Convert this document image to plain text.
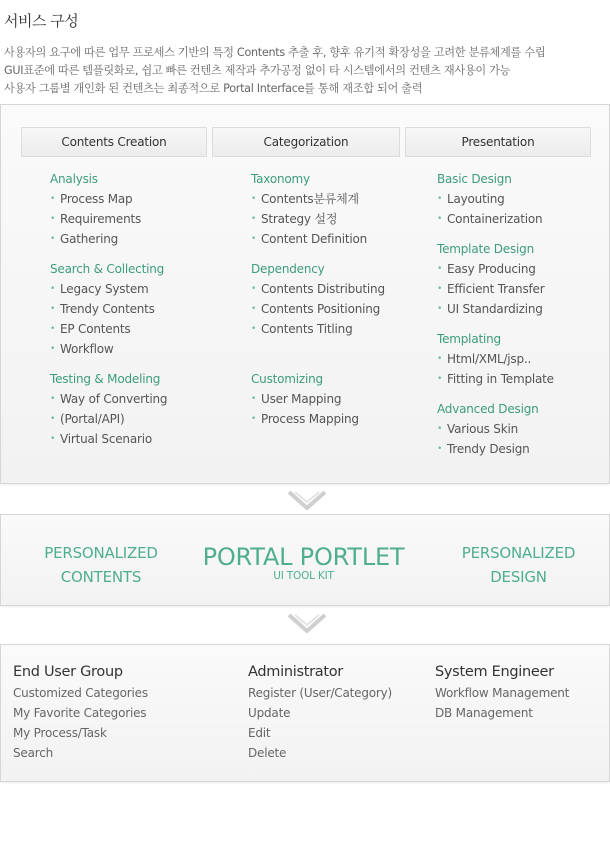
서비스 구성
사용자의 요구에 따른 업무 프로세스 기반의 특정 Contents 추출 후, 향후 유기적 확장성을 고려한 분류체계를 수립
GUI표준에 따른 템플릿화로, 쉽고 빠른 컨텐츠 제작과 추가공정 없이 타 시스템에서의 컨텐츠 재사용이 가능
사용자 그룹별 개인화 된 컨텐츠는 최종적으로 Portal Interface를 통해 재조합 되어 출력
Contents Creation	Categorization	Presentation
Analysis
• Process Map
• Requirements
• Gathering
Search & Collecting
• Legacy System
• Trendy Contents
• EP Contents
• Workflow
Testing & Modeling
• Way of Converting
• (Portal/API)
• Virtual Scenario
Taxonomy
• Contents분류체계
• Strategy 설정
• Content Definition
Dependency
• Contents Distributing
• Contents Positioning
• Contents Titling
Customizing
• User Mapping
• Process Mapping
Basic Design
• Layouting
• Containerization
Template Design
• Easy Producing
• Efficient Transfer
• UI Standardizing
Templating
• Html/XML/jsp..
• Fitting in Template
Advanced Design
• Various Skin
• Trendy Design
PERSONALIZED
CONTENTS
PORTAL PORTLET
UI TOOL KIT
PERSONALIZED
DESIGN
End User Group
Customized Categories
My Favorite Categories
My Process/Task
Search
Administrator
Register (User/Category)
Update
Edit
Delete
System Engineer
Workflow Management
DB Management
